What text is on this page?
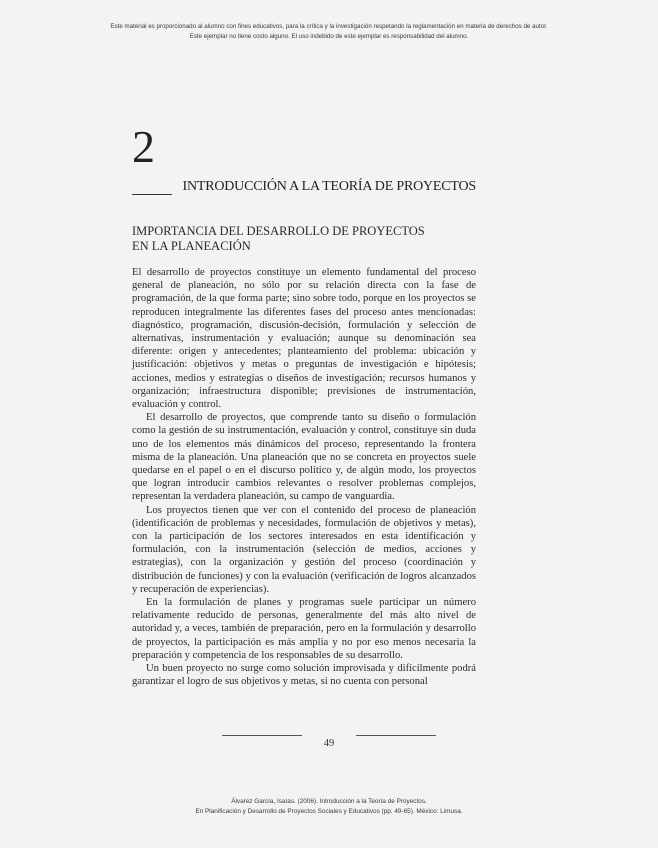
Este material es proporcionado al alumno con fines educativos, para la crítica y la investigación respetando la reglamentación en materia de derechos de autor.
Este ejemplar no tiene costo alguno. El uso indebido de este ejemplar es responsabilidad del alumno.
2
INTRODUCCIÓN A LA TEORÍA DE PROYECTOS
IMPORTANCIA DEL DESARROLLO DE PROYECTOS
EN LA PLANEACIÓN

El desarrollo de proyectos constituye un elemento fundamental del proceso general de planeación, no sólo por su relación directa con la fase de programación, de la que forma parte; sino sobre todo, porque en los proyectos se reproducen integralmente las diferentes fases del proceso antes mencionadas: diagnóstico, programación, discusión-decisión, formulación y selección de alternativas, instrumentación y evaluación; aunque su denominación sea diferente: origen y antecedentes; planteamiento del problema: ubicación y justificación: objetivos y metas o preguntas de investigación e hipótesis; acciones, medios y estrategias o diseños de investigación; recursos humanos y organización; infraestructura disponible; previsiones de instrumentación, evaluación y control.

El desarrollo de proyectos, que comprende tanto su diseño o formulación como la gestión de su instrumentación, evaluación y control, constituye sin duda uno de los elementos más dinámicos del proceso, representando la frontera misma de la planeación. Una planeación que no se concreta en proyectos suele quedarse en el papel o en el discurso político y, de algún modo, los proyectos que logran introducir cambios relevantes o resolver problemas complejos, representan la verdadera planeación, su campo de vanguardia.

Los proyectos tienen que ver con el contenido del proceso de planeación (identificación de problemas y necesidades, formulación de objetivos y metas), con la participación de los sectores interesados en esta identificación y formulación, con la instrumentación (selección de medios, acciones y estrategias), con la organización y gestión del proceso (coordinación y distribución de funciones) y con la evaluación (verificación de logros alcanzados y recuperación de experiencias).

En la formulación de planes y programas suele participar un número relativamente reducido de personas, generalmente del más alto nivel de autoridad y, a veces, también de preparación, pero en la formulación y desarrollo de proyectos, la participación es más amplia y no por eso menos necesaria la preparación y competencia de los responsables de su desarrollo.

Un buen proyecto no surge como solución improvisada y difícilmente podrá garantizar el logro de sus objetivos y metas, si no cuenta con personal

49
Álvarez García, Isaías. (2006). Introducción a la Teoría de Proyectos.
En Planificación y Desarrollo de Proyectos Sociales y Educativos (pp. 49-65). México: Limusa.
